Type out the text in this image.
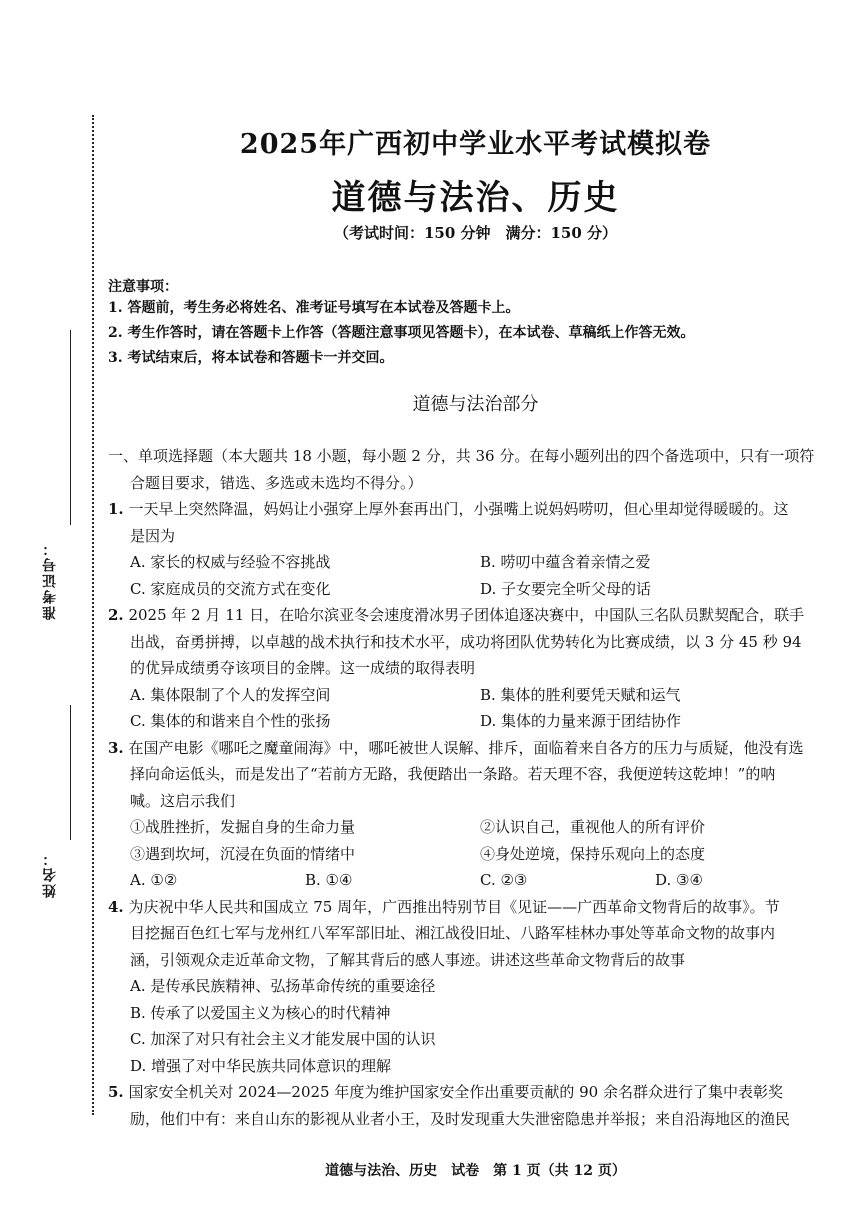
准考证号：
姓名：
2025年广西初中学业水平考试模拟卷
道德与法治、历史
（考试时间：150 分钟　满分：150 分）
注意事项：
1. 答题前，考生务必将姓名、准考证号填写在本试卷及答题卡上。
2. 考生作答时，请在答题卡上作答（答题注意事项见答题卡），在本试卷、草稿纸上作答无效。
3. 考试结束后，将本试卷和答题卡一并交回。
道德与法治部分
一、单项选择题（本大题共 18 小题，每小题 2 分，共 36 分。在每小题列出的四个备选项中，只有一项符
合题目要求，错选、多选或未选均不得分。）
1. 一天早上突然降温，妈妈让小强穿上厚外套再出门，小强嘴上说妈妈唠叨，但心里却觉得暖暖的。这
是因为
A. 家长的权威与经验不容挑战	B. 唠叨中蕴含着亲情之爱
C. 家庭成员的交流方式在变化	D. 子女要完全听父母的话
2. 2025 年 2 月 11 日，在哈尔滨亚冬会速度滑冰男子团体追逐决赛中，中国队三名队员默契配合，联手
出战，奋勇拼搏，以卓越的战术执行和技术水平，成功将团队优势转化为比赛成绩，以 3 分 45 秒 94
的优异成绩勇夺该项目的金牌。这一成绩的取得表明
A. 集体限制了个人的发挥空间	B. 集体的胜利要凭天赋和运气
C. 集体的和谐来自个性的张扬	D. 集体的力量来源于团结协作
3. 在国产电影《哪吒之魔童闹海》中，哪吒被世人误解、排斥，面临着来自各方的压力与质疑，他没有选
择向命运低头，而是发出了“若前方无路，我便踏出一条路。若天理不容，我便逆转这乾坤！”的呐
喊。这启示我们
①战胜挫折，发掘自身的生命力量	②认识自己，重视他人的所有评价
③遇到坎坷，沉浸在负面的情绪中	④身处逆境，保持乐观向上的态度
A. ①②	B. ①④	C. ②③	D. ③④
4. 为庆祝中华人民共和国成立 75 周年，广西推出特别节目《见证——广西革命文物背后的故事》。节
目挖掘百色红七军与龙州红八军军部旧址、湘江战役旧址、八路军桂林办事处等革命文物的故事内
涵，引领观众走近革命文物，了解其背后的感人事迹。讲述这些革命文物背后的故事
A. 是传承民族精神、弘扬革命传统的重要途径
B. 传承了以爱国主义为核心的时代精神
C. 加深了对只有社会主义才能发展中国的认识
D. 增强了对中华民族共同体意识的理解
5. 国家安全机关对 2024—2025 年度为维护国家安全作出重要贡献的 90 余名群众进行了集中表彰奖
励，他们中有：来自山东的影视从业者小王，及时发现重大失泄密隐患并举报；来自沿海地区的渔民
道德与法治、历史　试卷　第 1 页（共 12 页）
